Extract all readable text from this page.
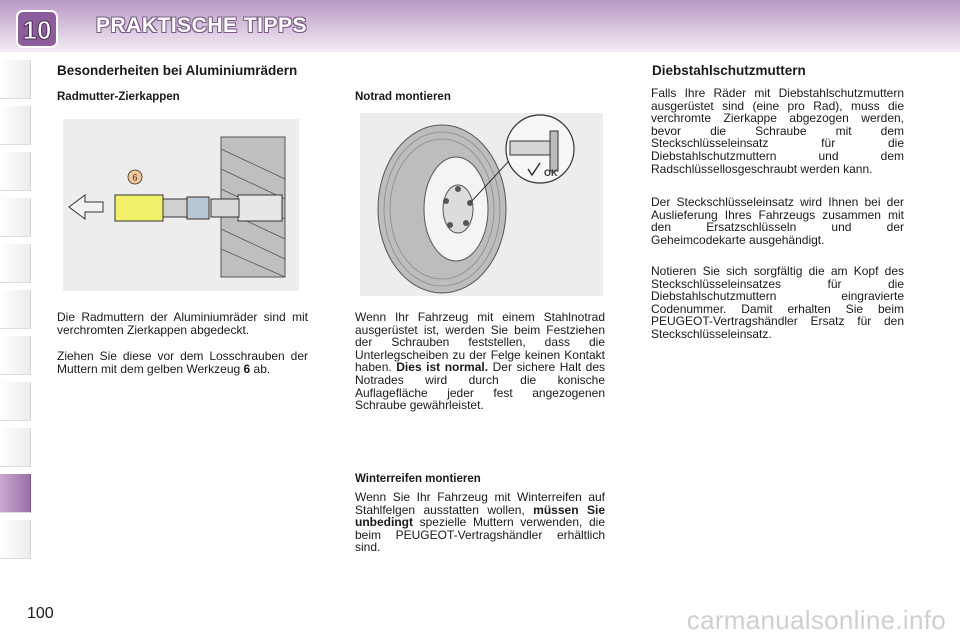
10 PRAKTISCHE TIPPS
Besonderheiten bei Aluminiumrädern
Radmutter-Zierkappen
6

Die Radmuttern der Aluminiumräder sind mit verchromten Zierkappen abgedeckt.

Ziehen Sie diese vor dem Losschrauben der Muttern mit dem gelben Werkzeug 6 ab.

Notrad montieren
OK

Wenn Ihr Fahrzeug mit einem Stahlnotrad ausgerüstet ist, werden Sie beim Festziehen der Schrauben feststellen, dass die Unterlegscheiben zu der Felge keinen Kontakt haben. Dies ist normal. Der sichere Halt des Notrades wird durch die konische Auflagefläche jeder fest angezogenen Schraube gewährleistet.

Winterreifen montieren

Wenn Sie Ihr Fahrzeug mit Winterreifen auf Stahlfelgen ausstatten wollen, müssen Sie unbedingt spezielle Muttern verwenden, die beim PEUGEOT-Vertragshändler erhältlich sind.

Diebstahlschutzmuttern

Falls Ihre Räder mit Diebstahlschutzmuttern ausgerüstet sind (eine pro Rad), muss die verchromte Zierkappe abgezogen werden, bevor die Schraube mit dem Steckschlüsseleinsatz für die Diebstahlschutzmuttern und dem Radschlüssellosgeschraubt werden kann.

Der Steckschlüsseleinsatz wird Ihnen bei der Auslieferung Ihres Fahrzeugs zusammen mit den Ersatzschlüsseln und der Geheimcodekarte ausgehändigt.

Notieren Sie sich sorgfältig die am Kopf des Steckschlüsseleinsatzes für die Diebstahlschutzmuttern eingravierte Codenummer. Damit erhalten Sie beim PEUGEOT-Vertragshändler Ersatz für den Steckschlüsseleinsatz.

100	carmanualsonline.info
